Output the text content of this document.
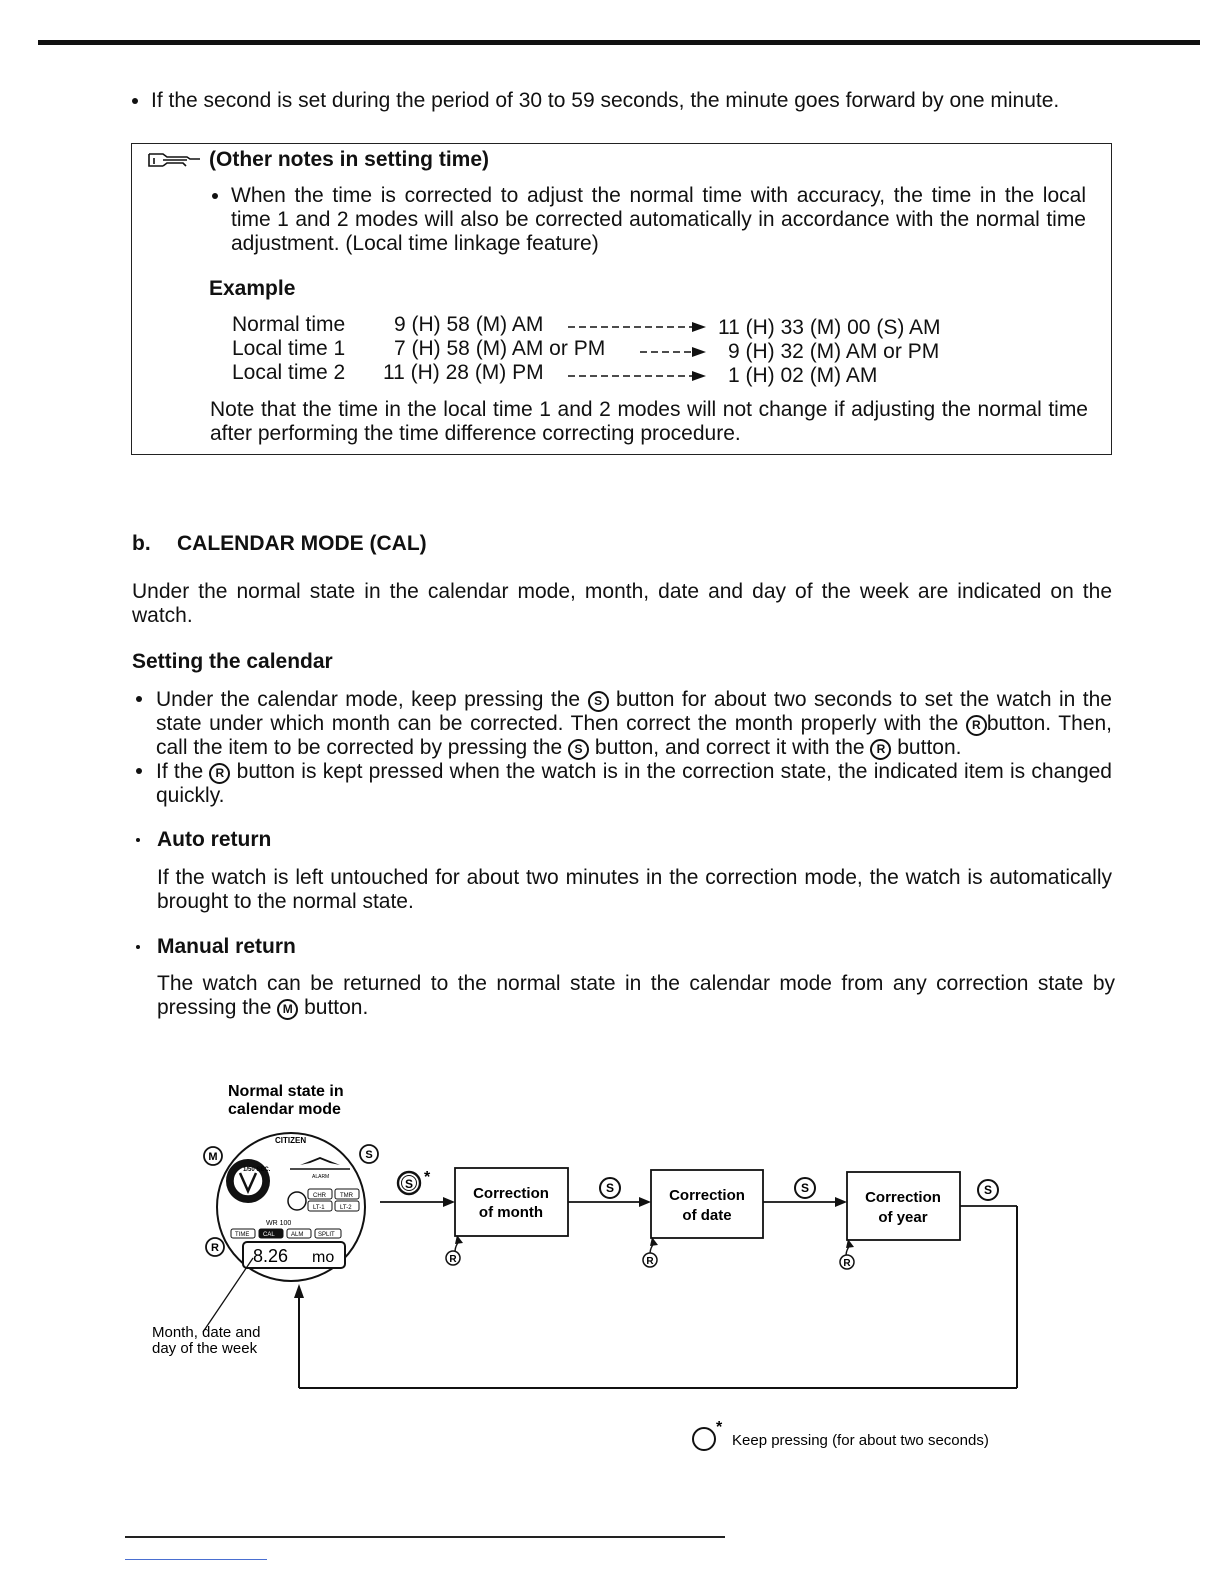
If the second is set during the period of 30 to 59 seconds, the minute goes forward by one minute.
(Other notes in setting time)
When the time is corrected to adjust the normal time with accuracy, the time in the local time 1 and 2 modes will also be corrected automatically in accordance with the normal time adjustment. (Local time linkage feature)
Example
Normal time 9 (H) 58 (M) AM	11 (H) 33 (M) 00 (S) AM
Local time 1 7 (H) 58 (M) AM or PM	9 (H) 32 (M) AM or PM
Local time 2 11 (H) 28 (M) PM	1 (H) 02 (M) AM
Note that the time in the local time 1 and 2 modes will not change if adjusting the normal time after performing the time difference correcting procedure.
b. CALENDAR MODE (CAL)
Under the normal state in the calendar mode, month, date and day of the week are indicated on the watch.
Setting the calendar
Under the calendar mode, keep pressing the S button for about two seconds to set the watch in the state under which month can be corrected. Then correct the month properly with the R button. Then, call the item to be corrected by pressing the S button, and correct it with the R button.
If the R button is kept pressed when the watch is in the correction state, the indicated item is changed quickly.
Auto return
If the watch is left untouched for about two minutes in the correction mode, the watch is automatically brought to the normal state.
Manual return
The watch can be returned to the normal state in the calendar mode from any correction state by pressing the M button.
Normal state in
calendar mode
CITIZEN
1/50 SEC.
ALARM
CHR TMR
LT-1	LT-2
WR 100
TIME CAL	ALM SPLIT
8.26 mo
M	S
R
Month, date and
day of the week
S *
Correction
of month
Correction
of date
Correction
of year
S	S	S
R	R	R
*
Keep pressing (for about two seconds)
